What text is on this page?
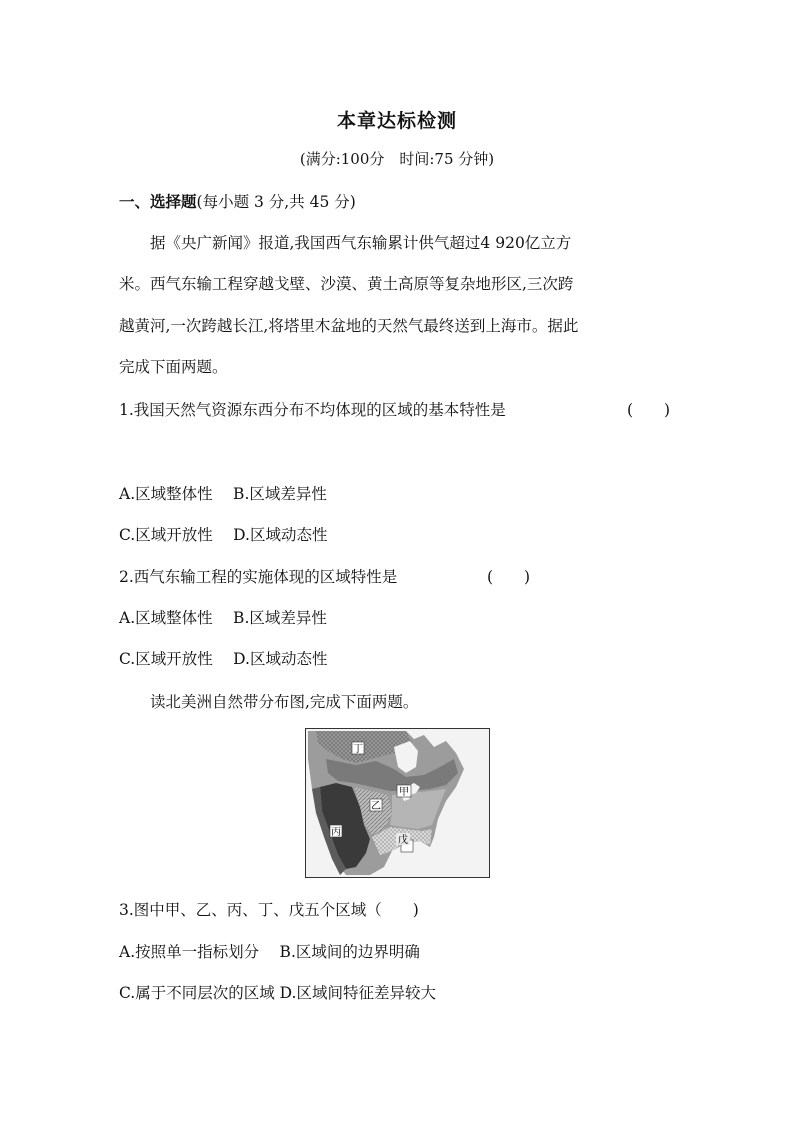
本章达标检测
(满分:100分　时间:75 分钟)
一、选择题(每小题 3 分,共 45 分)
据《央广新闻》报道,我国西气东输累计供气超过4 920亿立方
米。西气东输工程穿越戈壁、沙漠、黄土高原等复杂地形区,三次跨
越黄河,一次跨越长江,将塔里木盆地的天然气最终送到上海市。据此
完成下面两题。
1.我国天然气资源东西分布不均体现的区域的基本特性是	(　　)
A.区域整体性　 B.区域差异性
C.区域开放性　 D.区域动态性
2.西气东输工程的实施体现的区域特性是	(　　)
A.区域整体性　 B.区域差异性
C.区域开放性　 D.区域动态性
读北美洲自然带分布图,完成下面两题。
丁
乙
甲
丙
戊
3.图中甲、乙、丙、丁、戊五个区域（　　)
A.按照单一指标划分　 B.区域间的边界明确
C.属于不同层次的区域 D.区域间特征差异较大
